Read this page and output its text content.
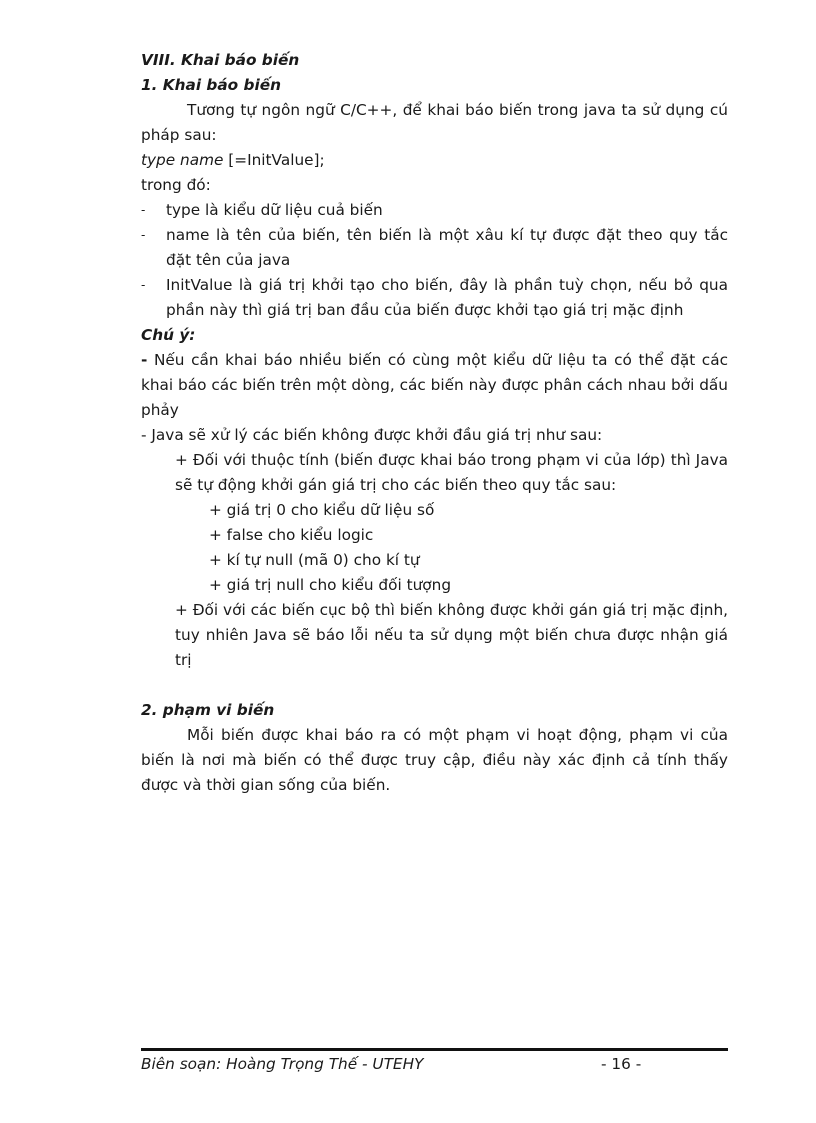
VIII. Khai báo biến

1. Khai báo biến

Tương tự ngôn ngữ C/C++, để khai báo biến trong java ta sử dụng cú pháp sau:

type name [=InitValue];

trong đó:

- type là kiểu dữ liệu cuả biến
- name là tên của biến, tên biến là một xâu kí tự được đặt theo quy tắc đặt tên của java
- InitValue là giá trị khởi tạo cho biến, đây là phần tuỳ chọn, nếu bỏ qua phần này thì giá trị ban đầu của biến được khởi tạo giá trị mặc định

Chú ý:

- Nếu cần khai báo nhiều biến có cùng một kiểu dữ liệu ta có thể đặt các khai báo các biến trên một dòng, các biến này được phân cách nhau bởi dấu phảy

- Java sẽ xử lý các biến không được khởi đầu giá trị như sau:

+ Đối với thuộc tính (biến được khai báo trong phạm vi của lớp) thì Java sẽ tự động khởi gán giá trị cho các biến theo quy tắc sau:

+ giá trị 0 cho kiểu dữ liệu số

+ false cho kiểu logic

+ kí tự null (mã 0) cho kí tự

+ giá trị null cho kiểu đối tượng

+ Đối với các biến cục bộ thì biến không được khởi gán giá trị mặc định, tuy nhiên Java sẽ báo lỗi nếu ta sử dụng một biến chưa được nhận giá trị

2. phạm vi biến

Mỗi biến được khai báo ra có một phạm vi hoạt động, phạm vi của biến là nơi mà biến có thể được truy cập, điều này xác định cả tính thấy được và thời gian sống của biến.

Biên soạn: Hoàng Trọng Thế - UTEHY	- 16 -
